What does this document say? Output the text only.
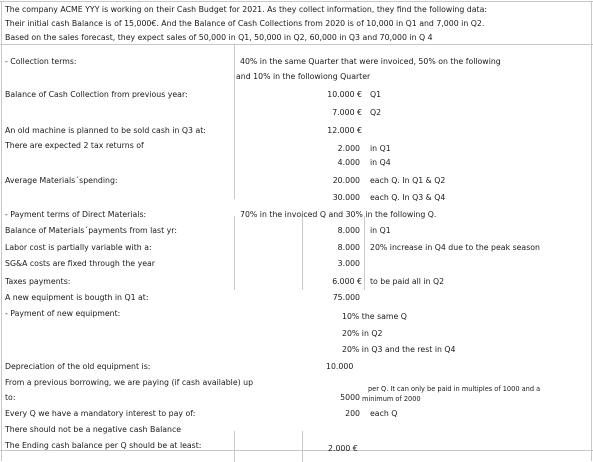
The company ACME YYY is working on their Cash Budget for 2021. As they collect information, they find the following data:
Their initial cash Balance is of 15,000€. And the Balance of Cash Collections from 2020 is of 10,000 in Q1 and 7,000 in Q2.
Based on the sales forecast, they expect sales of 50,000 in Q1, 50,000 in Q2, 60,000 in Q3 and 70,000 in Q 4
- Collection terms:	40% in the same Quarter that were invoiced, 50% on the following
and 10% in the followiong Quarter
Balance of Cash Collection from previous year:	10.000 € Q1
7.000 € Q2
An old machine is planned to be sold cash in Q3 at:	12.000 €
There are expected 2 tax returns of	2.000 in Q1
4.000 in Q4
Average Materials´spending:	20.000 each Q. In Q1 & Q2
30.000 each Q. In Q3 & Q4
- Payment terms of Direct Materials:	70% in the invoiced Q and 30% in the following Q.
Balance of Materials´payments from last yr:	8.000 in Q1
Labor cost is partially variable with a:	8.000 20% increase in Q4 due to the peak season
SG&A costs are fixed through the year	3.000
Taxes payments:	6.000 € to be paid all in Q2
A new equipment is bougth in Q1 at:	75.000
- Payment of new equipment:	10% the same Q
20% in Q2
20% in Q3 and the rest in Q4
Depreciation of the old equipment is:	10.000
From a previous borrowing, we are paying (if cash available) up
to:	5000
per Q. It can only be paid in multiples of 1000 and a
minimum of 2000
Every Q we have a mandatory interest to pay of:	200 each Q
There should not be a negative cash Balance
The Ending cash balance per Q should be at least:	2.000 €
